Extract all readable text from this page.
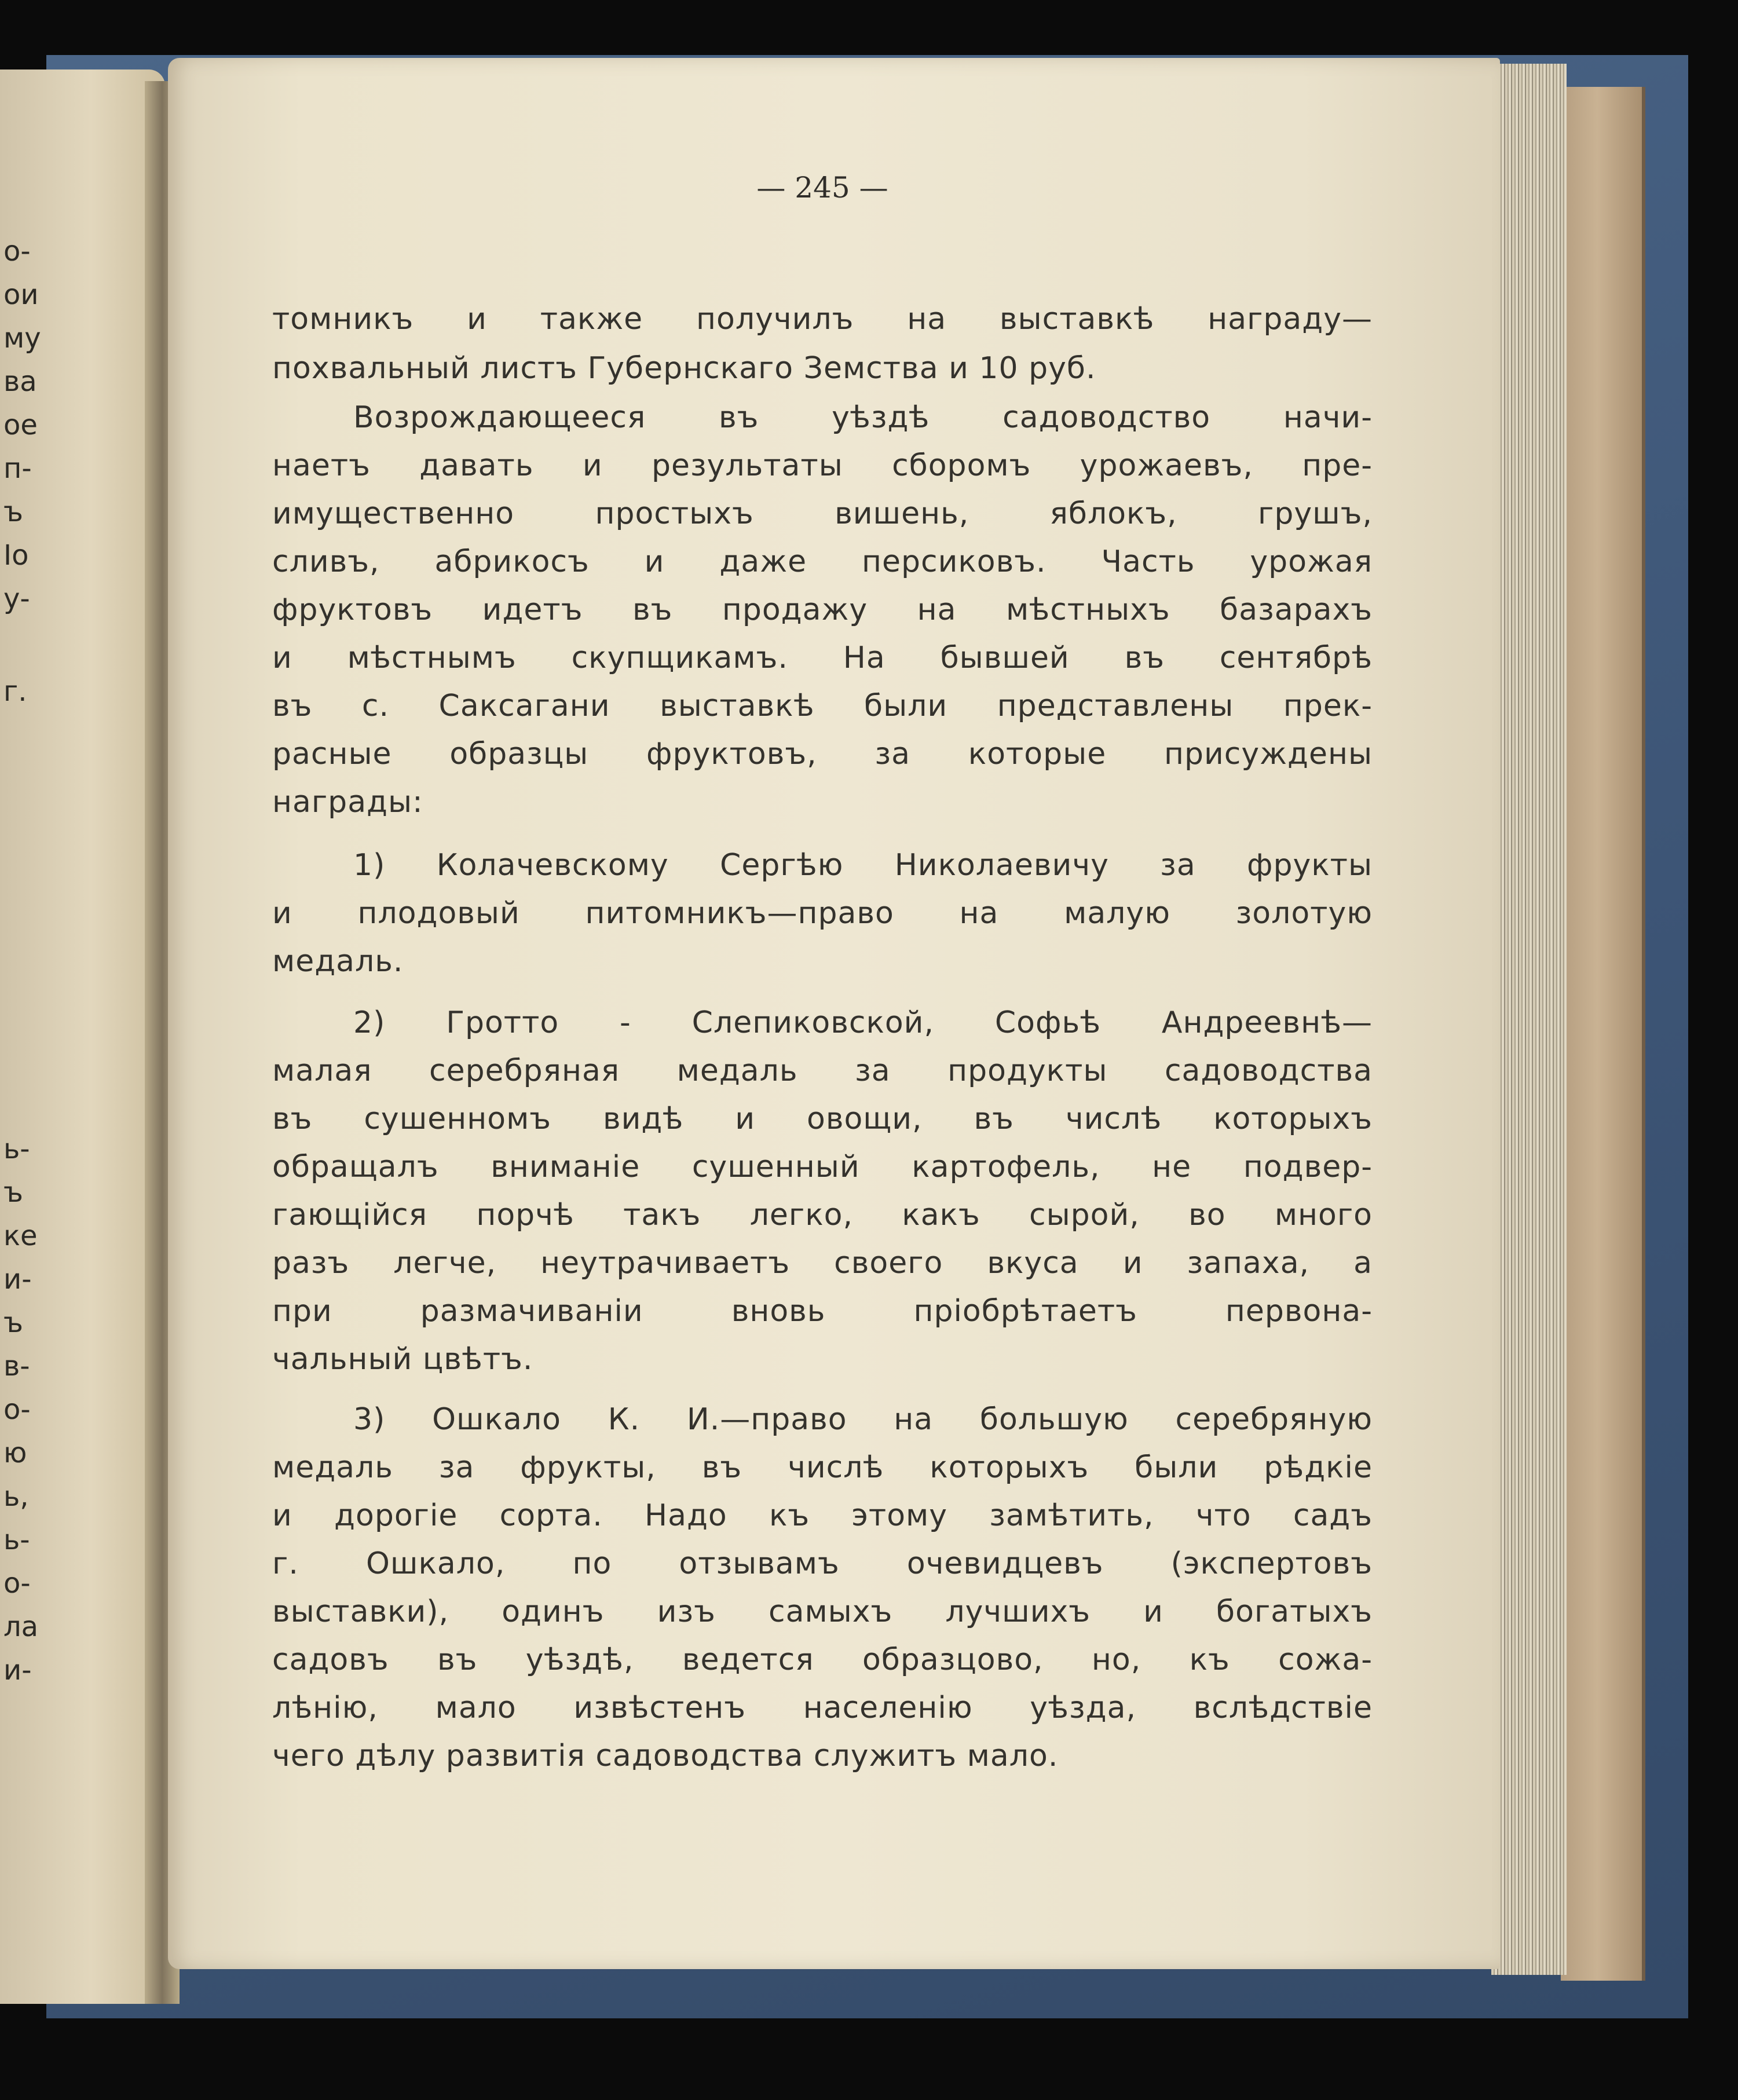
о-
ои
му
ва
ое
п-
ъ
Іо
у-
г.
ь-
ъ
ке
и-
ъ
в-
о-
ю
ь,
ь-
о-
ла
и-
— 245 —
томникъ и также получилъ на выставкѣ награду—
похвальный листъ Губернскаго Земства и 10 руб.
Возрождающееся въ уѣздѣ садоводство начи-
наетъ давать и результаты сборомъ урожаевъ, пре-
имущественно простыхъ вишень, яблокъ, грушъ,
сливъ, абрикосъ и даже персиковъ. Часть урожая
фруктовъ идетъ въ продажу на мѣстныхъ базарахъ
и мѣстнымъ скупщикамъ. На бывшей въ сентябрѣ
въ с. Саксагани выставкѣ были представлены прек-
расные образцы фруктовъ, за которые присуждены
награды:
1) Колачевскому Сергѣю Николаевичу за фрукты
и плодовый питомникъ—право на малую золотую
медаль.
2) Гротто - Слепиковской, Софьѣ Андреевнѣ—
малая серебряная медаль за продукты садоводства
въ сушенномъ видѣ и овощи, въ числѣ которыхъ
обращалъ вниманіе сушенный картофель, не подвер-
гающійся порчѣ такъ легко, какъ сырой, во много
разъ легче, неутрачиваетъ своего вкуса и запаха, а
при размачиваніи вновь пріобрѣтаетъ первона-
чальный цвѣтъ.
3) Ошкало К. И.—право на большую серебряную
медаль за фрукты, въ числѣ которыхъ были рѣдкіе
и дорогіе сорта. Надо къ этому замѣтить, что садъ
г. Ошкало, по отзывамъ очевидцевъ (экспертовъ
выставки), одинъ изъ самыхъ лучшихъ и богатыхъ
садовъ въ уѣздѣ, ведется образцово, но, къ сожа-
лѣнію, мало извѣстенъ населенію уѣзда, вслѣдствіе
чего дѣлу развитія садоводства служитъ мало.
